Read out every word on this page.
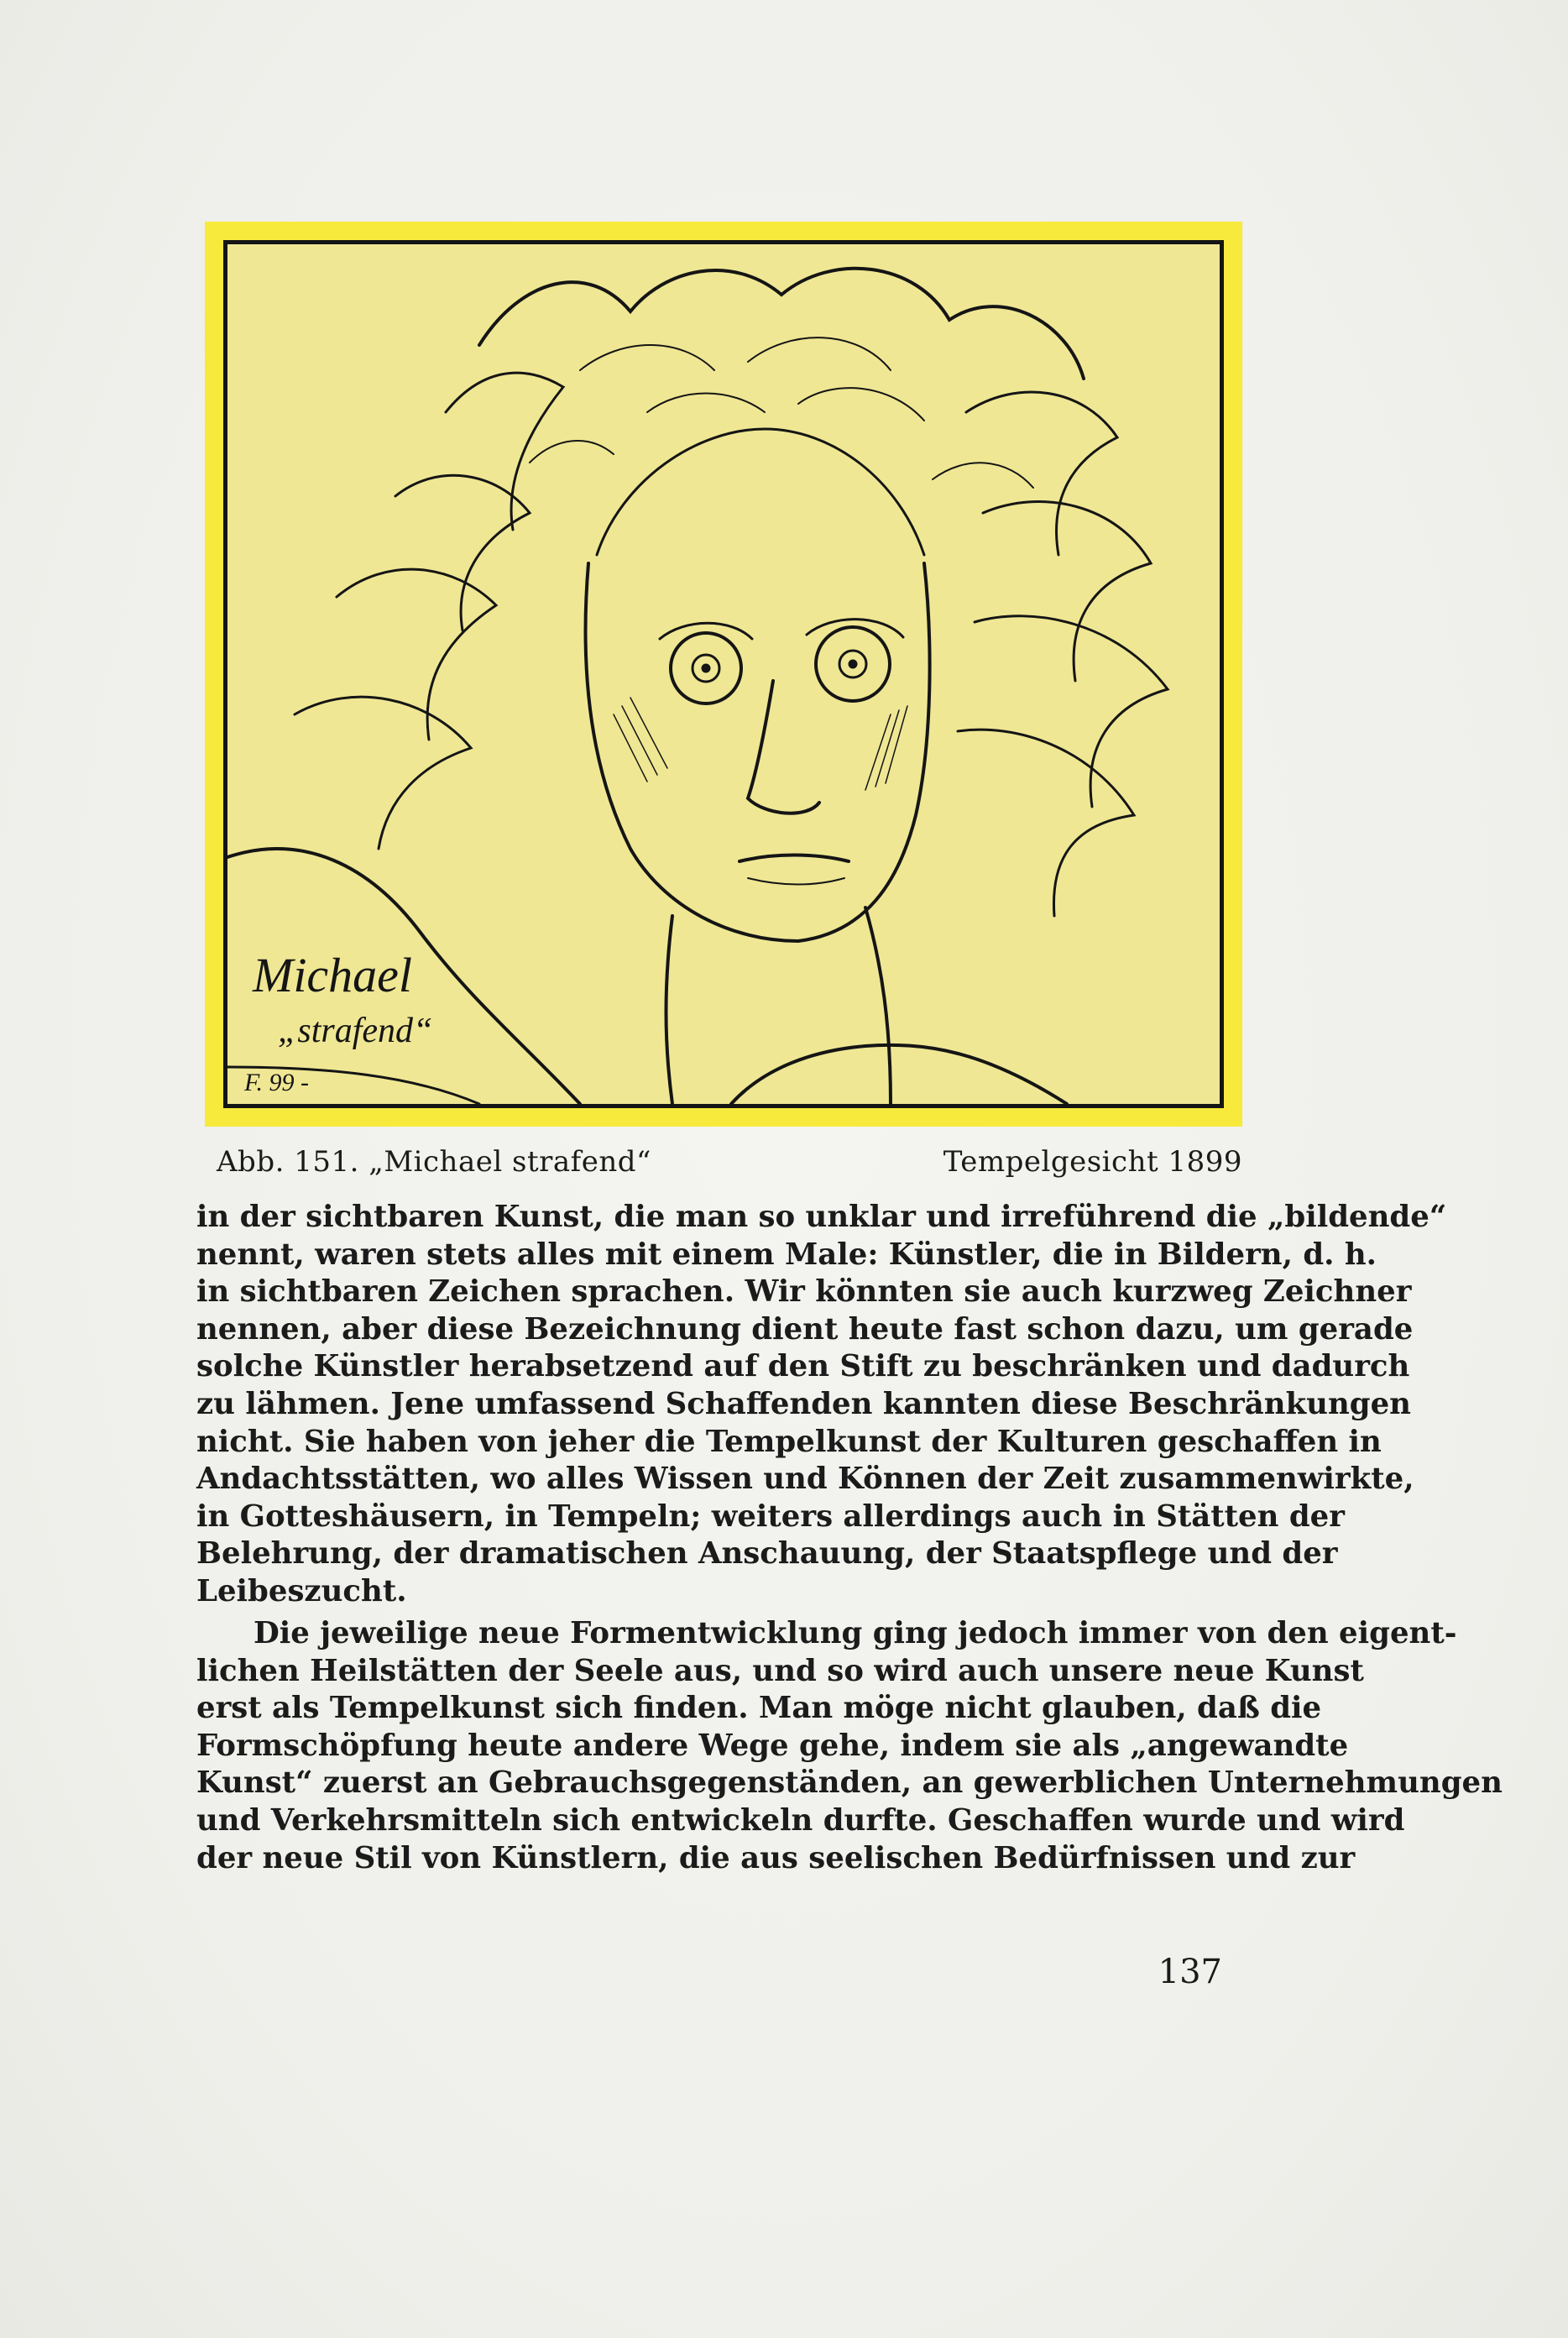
Michael
„strafend“
F. 99 -
Abb. 151. „Michael strafend“	Tempelgesicht 1899
in der sichtbaren Kunst, die man so unklar und irreführend die „bildende“
nennt, waren stets alles mit einem Male: Künstler, die in Bildern, d. h.
in sichtbaren Zeichen sprachen. Wir könnten sie auch kurzweg Zeichner
nennen, aber diese Bezeichnung dient heute fast schon dazu, um gerade
solche Künstler herabsetzend auf den Stift zu beschränken und dadurch
zu lähmen. Jene umfassend Schaffenden kannten diese Beschränkungen
nicht. Sie haben von jeher die Tempelkunst der Kulturen geschaffen in
Andachtsstätten, wo alles Wissen und Können der Zeit zusammenwirkte,
in Gotteshäusern, in Tempeln; weiters allerdings auch in Stätten der
Belehrung, der dramatischen Anschauung, der Staatspflege und der
Leibeszucht.
Die jeweilige neue Formentwicklung ging jedoch immer von den eigent-
lichen Heilstätten der Seele aus, und so wird auch unsere neue Kunst
erst als Tempelkunst sich finden. Man möge nicht glauben, daß die
Formschöpfung heute andere Wege gehe, indem sie als „angewandte
Kunst“ zuerst an Gebrauchsgegenständen, an gewerblichen Unternehmungen
und Verkehrsmitteln sich entwickeln durfte. Geschaffen wurde und wird
der neue Stil von Künstlern, die aus seelischen Bedürfnissen und zur
137
